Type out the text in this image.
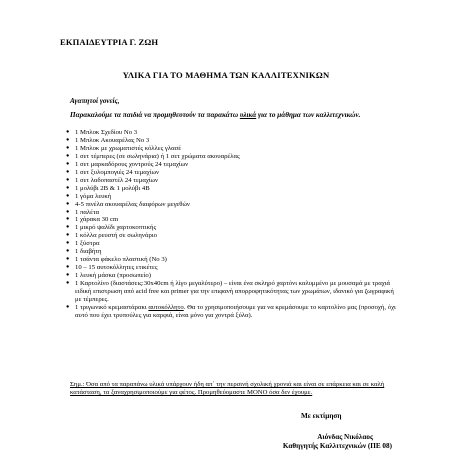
ΕΚΠΑΙΔΕΥΤΡΙΑ Γ. ΖΩΗ
ΥΛΙΚΑ ΓΙΑ ΤΟ ΜΑΘΗΜΑ ΤΩΝ ΚΑΛΛΙΤΕΧΝΙΚΩΝ
Αγαπητοί γονείς,
Παρακαλούμε τα παιδιά να προμηθευτούν τα παρακάτω υλικά για το μάθημα των καλλιτεχνικών.
● 1 Μπλοκ Σχεδίου Νο 3
● 1 Μπλοκ Ακουαρέλας Νο 3
● 1 Μπλοκ με χρωματιστές κόλλες γλασέ
● 1 σετ τέμπερες (σε σωληνάρια) ή 1 σετ χρώματα ακουαρέλας
● 1 σετ μαρκαδόρους χοντρούς 24 τεμαχίων
● 1 σετ ξυλομπογιές 24 τεμαχίων
● 1 σετ λαδοπαστέλ 24 τεμαχίων
● 1 μολύβι 2Β & 1 μολύβι 4Β
● 1 γόμα λευκή
● 4-5 πινέλα ακουαρέλας διαφόρων μεγεθών
● 1 παλέτα
● 1 χάρακα 30 cm
● 1 μικρό ψαλίδι χαρτοκοπτικής
● 1 κόλλα ρευστή σε σωληνάριο
● 1 ξύστρα
● 1 διαβήτη
● 1 τσάντα φάκελο πλαστική (Νο 3)
● 10 – 15 αυτοκόλλητες ετικέτες
● 1 λευκή μάσκα (προσωπείο)
● 1 Καρτολίνο (διαστάσεις:30x40cm ή λίγο μεγαλύτερο) – είναι ένα σκληρό χαρτόνι καλυμμένο με μουσαμά με τραχιά ειδική επιστρωση από acid free και primer για την επιφανή απορροφητικότητας των χρωμάτων, ιδανικό για ζωγραφική με τέμπερες.
● 1 τριγωνικό κρεμαστάρακι αυτοκόλλητο. Θα το χρησιμοποιήσουμε για να κρεμάσουμε το καρτολίνο μας (προσοχή, όχι αυτό που έχει τρυπούλες για καρφιά, είναι μόνο για χοντρά ξύλα).
Σημ.: Όσα από τα παραπάνω υλικά υπάρχουν ήδη απ΄ την περσινή σχολική χρονιά και είναι σε επάρκεια και σε καλή κατάσταση, τα ξαναχρησιμοποιούμε για φέτος. Προμηθεύομαστε ΜΟΝΟ όσα δεν έχουμε.
Με εκτίμηση
Αιόνδας Νικόλαος
Καθηγητής Καλλιτεχνικών (ΠΕ 08)
